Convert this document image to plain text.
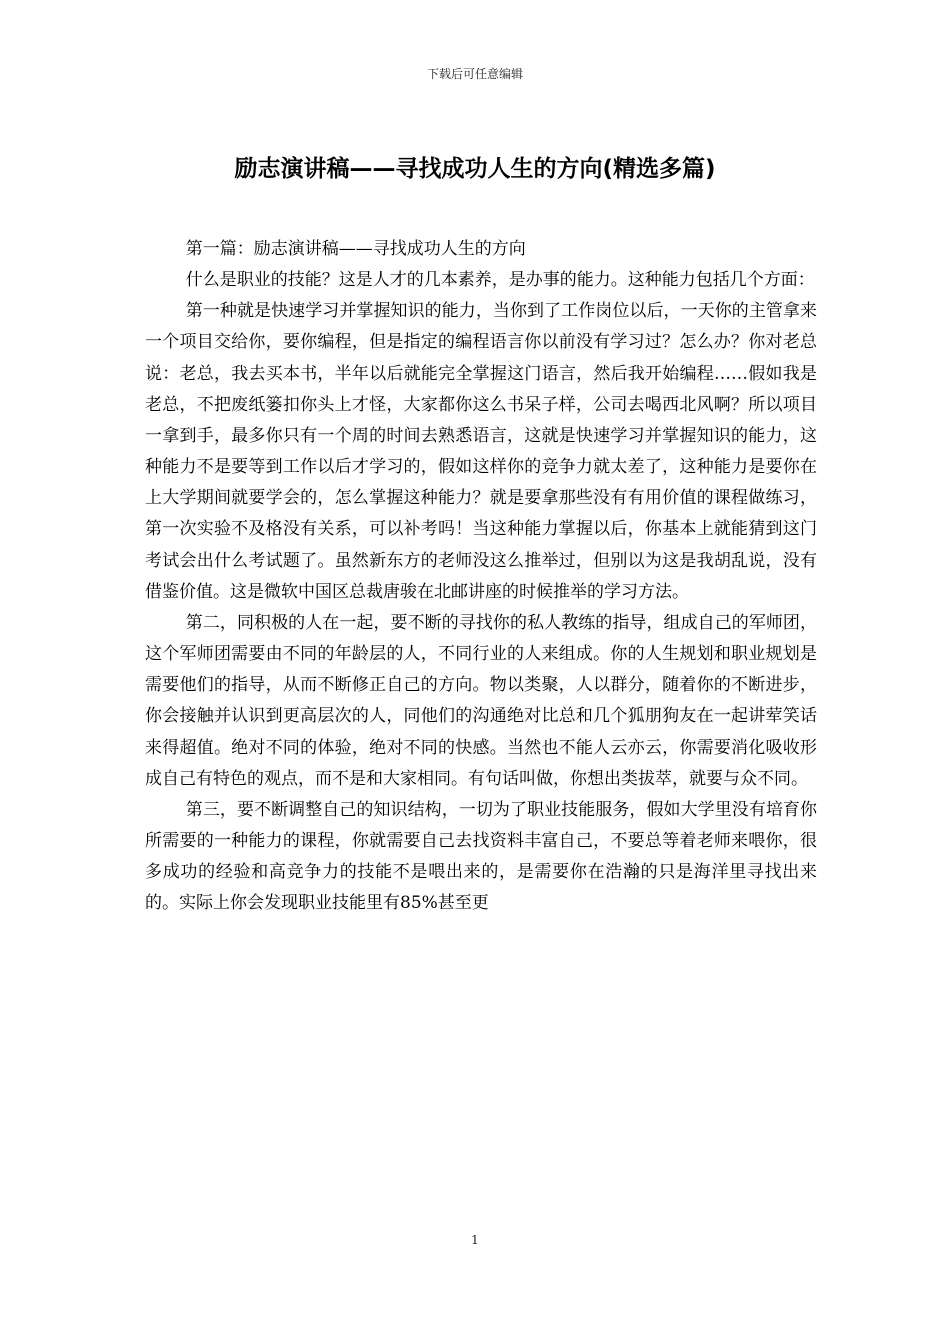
下载后可任意编辑
励志演讲稿——寻找成功人生的方向(精选多篇)

第一篇：励志演讲稿——寻找成功人生的方向

什么是职业的技能？这是人才的几本素养，是办事的能力。这种能力包括几个方面：

第一种就是快速学习并掌握知识的能力，当你到了工作岗位以后，一天你的主管拿来一个项目交给你，要你编程，但是指定的编程语言你以前没有学习过？怎么办？你对老总说：老总，我去买本书，半年以后就能完全掌握这门语言，然后我开始编程……假如我是老总，不把废纸篓扣你头上才怪，大家都你这么书呆子样，公司去喝西北风啊？所以项目一拿到手，最多你只有一个周的时间去熟悉语言，这就是快速学习并掌握知识的能力，这种能力不是要等到工作以后才学习的，假如这样你的竞争力就太差了，这种能力是要你在上大学期间就要学会的，怎么掌握这种能力？就是要拿那些没有有用价值的课程做练习，第一次实验不及格没有关系，可以补考吗！当这种能力掌握以后，你基本上就能猜到这门考试会出什么考试题了。虽然新东方的老师没这么推举过，但别以为这是我胡乱说，没有借鉴价值。这是微软中国区总裁唐骏在北邮讲座的时候推举的学习方法。

第二，同积极的人在一起，要不断的寻找你的私人教练的指导，组成自己的军师团，这个军师团需要由不同的年龄层的人，不同行业的人来组成。你的人生规划和职业规划是需要他们的指导，从而不断修正自己的方向。物以类聚，人以群分，随着你的不断进步，你会接触并认识到更高层次的人，同他们的沟通绝对比总和几个狐朋狗友在一起讲荤笑话来得超值。绝对不同的体验，绝对不同的快感。当然也不能人云亦云，你需要消化吸收形成自己有特色的观点，而不是和大家相同。有句话叫做，你想出类拔萃，就要与众不同。

第三，要不断调整自己的知识结构，一切为了职业技能服务，假如大学里没有培育你所需要的一种能力的课程，你就需要自己去找资料丰富自己，不要总等着老师来喂你，很多成功的经验和高竞争力的技能不是喂出来的，是需要你在浩瀚的只是海洋里寻找出来的。实际上你会发现职业技能里有85%甚至更

1
